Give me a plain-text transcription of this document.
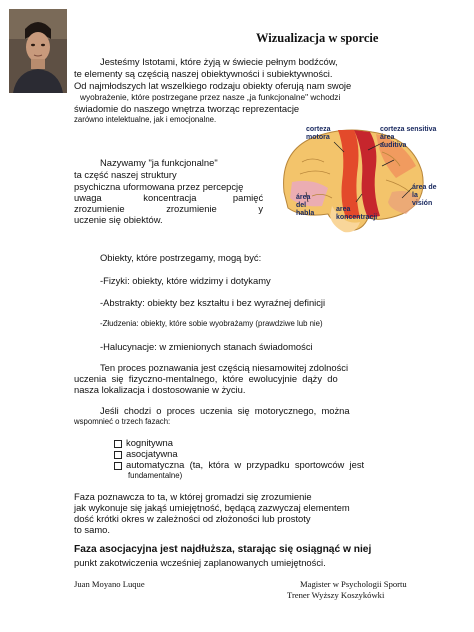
Wizualizacja w sporcie
Jesteśmy Istotami, które żyją w świecie pełnym bodźców,
te elementy są częścią naszej obiektywności i subiektywności.
Od najmłodszych lat wszelkiego rodzaju obiekty oferują nam swoje
wyobrażenie, które postrzegane przez nasze „ja funkcjonalne" wchodzi
świadomie do naszego wnętrza tworząc reprezentacje
zarówno intelektualne, jak i emocjonalne.
Nazywamy "ja funkcjonalne"
ta część naszej struktury
psychiczna uformowana przez percepcję
uwaga                koncentracja              pamięć
zrozumienie                zrozumienie                y
uczenie się obiektów.
corteza
motora
corteza sensitiva
área
auditiva
área
del
habla
area
koncentracji
área de
la
visión
Obiekty, które postrzegamy, mogą być:
-Fizyki: obiekty, które widzimy i dotykamy
-Abstrakty: obiekty bez kształtu i bez wyraźnej definicji
-Złudzenia: obiekty, które sobie wyobrażamy (prawdziwe lub nie)
-Halucynacje: w zmienionych stanach świadomości
Ten proces poznawania jest częścią niesamowitej zdolności
uczenia  się  fizyczno-mentalnego,  które  ewolucyjnie  dąży  do
nasza lokalizacja i dostosowanie w życiu.
Jeśli  chodzi  o  proces  uczenia  się  motorycznego,  można
wspomnieć o trzech fazach:
kognitywna
asocjatywna
automatyczna  (ta,  która  w  przypadku  sportowców  jest
fundamentalne)
Faza poznawcza to ta, w której gromadzi się zrozumienie
jak wykonuje się jakąś umiejętność, będącą zazwyczaj elementem
dość krótki okres w zależności od złożoności lub prostoty
to samo.
Faza asocjacyjna jest najdłuższa, starając się osiągnąć w niej
punkt zakotwiczenia wcześniej zaplanowanych umiejętności.
Juan Moyano Luque	Magister w Psychologii Sportu
Trener Wyższy Koszykówki
